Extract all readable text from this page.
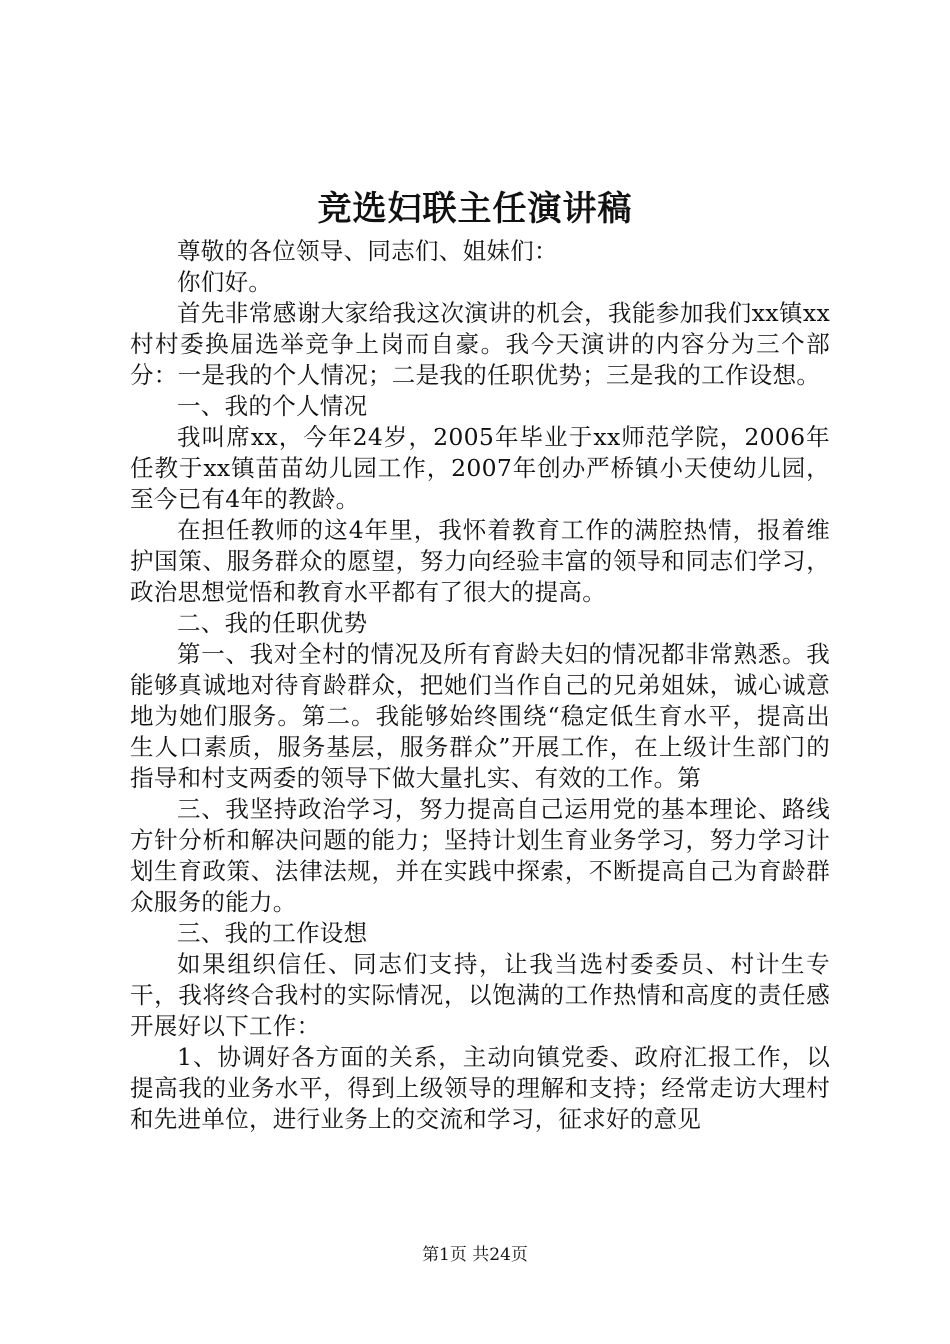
竞选妇联主任演讲稿

尊敬的各位领导、同志们、姐妹们：

你们好。

首先非常感谢大家给我这次演讲的机会，我能参加我们xx镇xx村村委换届选举竞争上岗而自豪。我今天演讲的内容分为三个部分：一是我的个人情况；二是我的任职优势；三是我的工作设想。

一、我的个人情况

我叫席xx，今年24岁，2005年毕业于xx师范学院，2006年任教于xx镇苗苗幼儿园工作，2007年创办严桥镇小天使幼儿园，至今已有4年的教龄。

在担任教师的这4年里，我怀着教育工作的满腔热情，报着维护国策、服务群众的愿望，努力向经验丰富的领导和同志们学习，政治思想觉悟和教育水平都有了很大的提高。

二、我的任职优势

第一、我对全村的情况及所有育龄夫妇的情况都非常熟悉。我能够真诚地对待育龄群众，把她们当作自己的兄弟姐妹，诚心诚意地为她们服务。第二。我能够始终围绕“稳定低生育水平，提高出生人口素质，服务基层，服务群众”开展工作，在上级计生部门的指导和村支两委的领导下做大量扎实、有效的工作。第

三、我坚持政治学习，努力提高自己运用党的基本理论、路线方针分析和解决问题的能力；坚持计划生育业务学习，努力学习计划生育政策、法律法规，并在实践中探索，不断提高自己为育龄群众服务的能力。

三、我的工作设想

如果组织信任、同志们支持，让我当选村委委员、村计生专干，我将终合我村的实际情况，以饱满的工作热情和高度的责任感开展好以下工作：

1、协调好各方面的关系，主动向镇党委、政府汇报工作，以提高我的业务水平，得到上级领导的理解和支持；经常走访大理村和先进单位，进行业务上的交流和学习，征求好的意见

第1页 共24页
